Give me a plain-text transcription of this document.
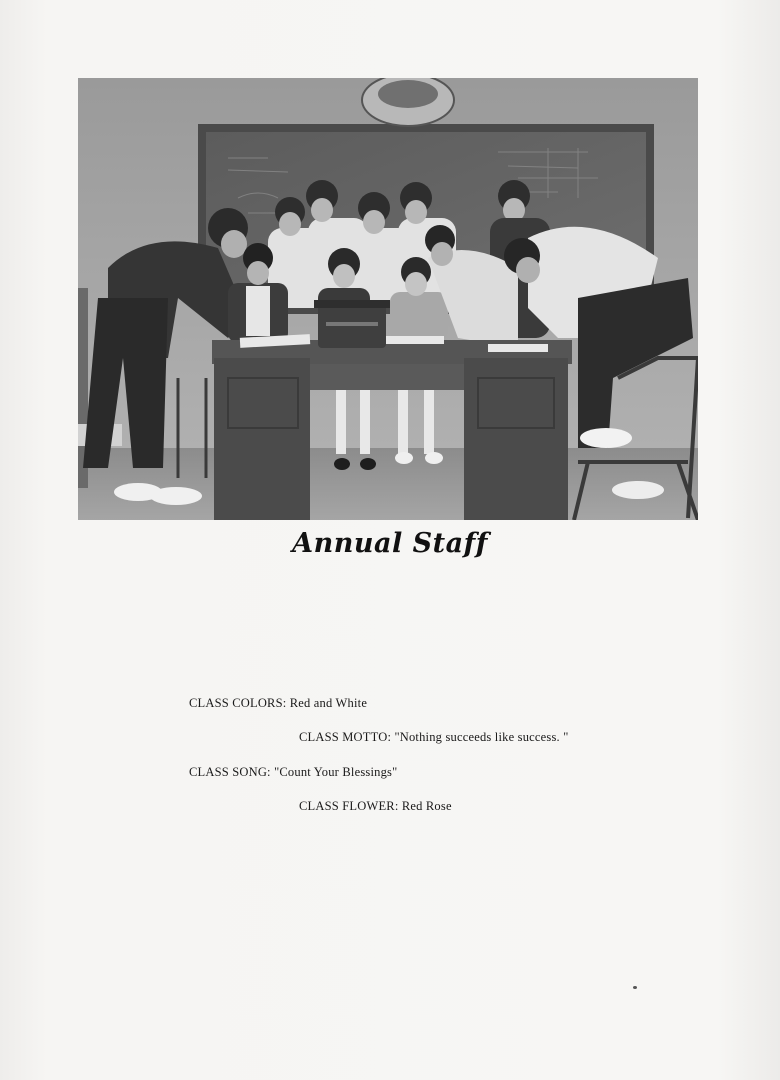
Annual Staff
CLASS COLORS: Red and White
CLASS MOTTO: "Nothing succeeds like success. "
CLASS SONG: "Count Your Blessings"
CLASS FLOWER: Red Rose
